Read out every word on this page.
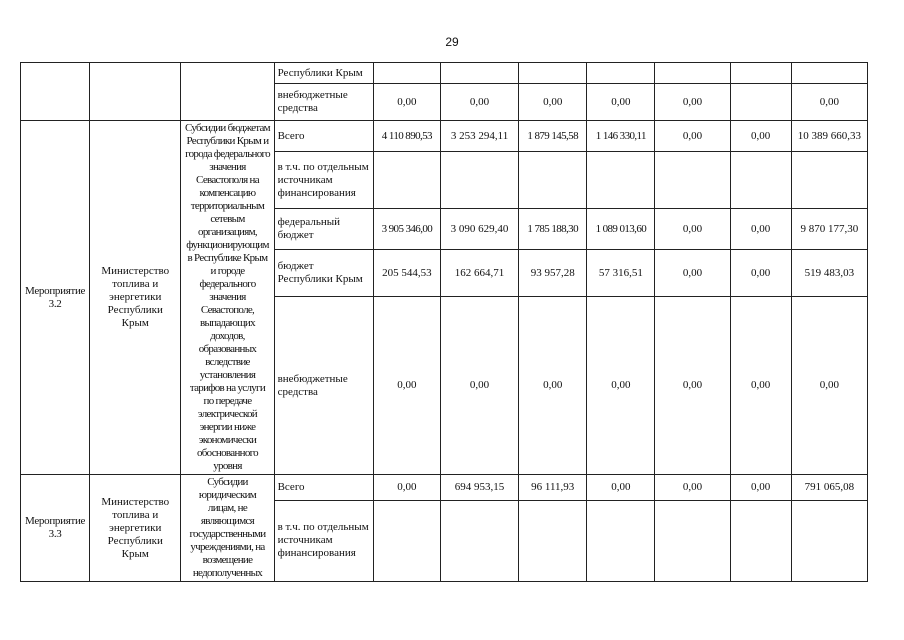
29
			Республики Крым							
			внебюджетные средства	0,00	0,00	0,00	0,00	0,00		0,00
Мероприятие 3.2	Министерство топлива и энергетики Республики Крым	Субсидии бюджетам Республики Крым и города федерального значения Севастополя на компенсацию территориальным сетевым организациям, функционирующим в Республике Крым и городе федерального значения Севастополе, выпадающих доходов, образованных вследствие установления тарифов на услуги по передаче электрической энергии ниже экономически обоснованного уровня	Всего	4 110 890,53	3 253 294,11	1 879 145,58	1 146 330,11	0,00	0,00	10 389 660,33
			в т.ч. по отдельным источникам финансирования							
			федеральный бюджет	3 905 346,00	3 090 629,40	1 785 188,30	1 089 013,60	0,00	0,00	9 870 177,30
			бюджет Республики Крым	205 544,53	162 664,71	93 957,28	57 316,51	0,00	0,00	519 483,03
			внебюджетные средства	0,00	0,00	0,00	0,00	0,00	0,00	0,00
Мероприятие 3.3	Министерство топлива и энергетики Республики Крым	Субсидии юридическим лицам, не являющимся государственными учреждениями, на возмещение недополученных	Всего	0,00	694 953,15	96 111,93	0,00	0,00	0,00	791 065,08
			в т.ч. по отдельным источникам финансирования							
